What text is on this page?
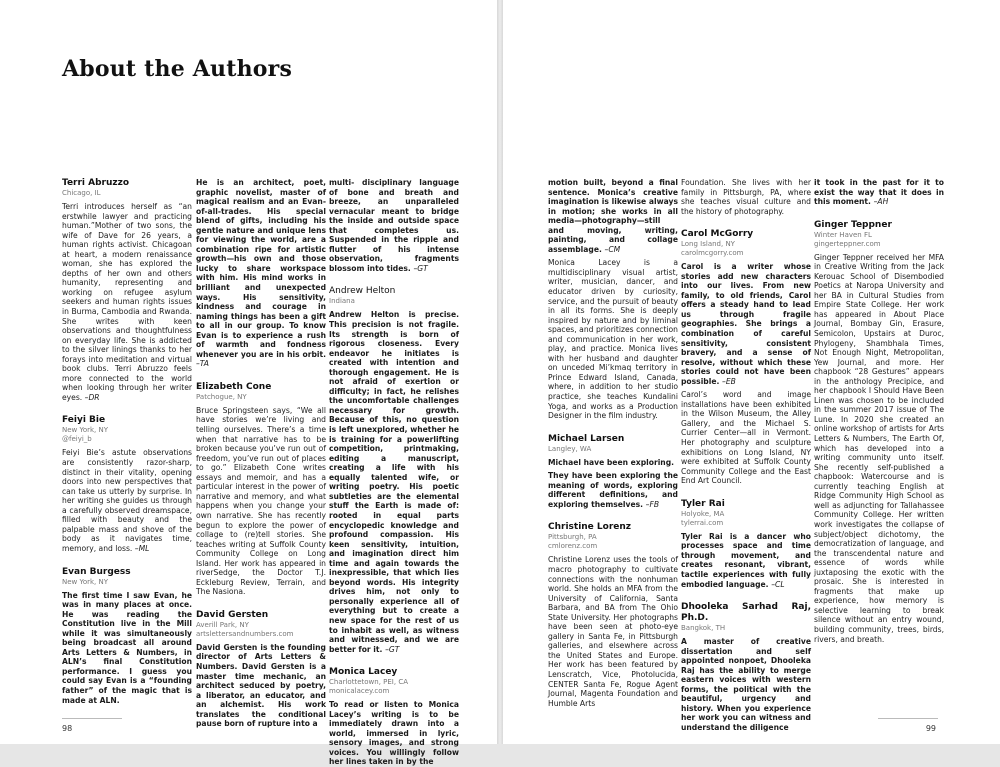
About the Authors
Terri Abruzzo
Chicago, IL

Terri introduces herself as “an erstwhile lawyer and practicing human.”Mother of two sons, the wife of Dave for 26 years, a human rights activist. Chicagoan at heart, a modern renaissance woman, she has explored the depths of her own and others humanity, representing and working on refugee asylum seekers and human rights issues in Burma, Cambodia and Rwanda. She writes with keen observations and thoughtfulness on everyday life. She is addicted to the silver linings thanks to her forays into meditation and virtual book clubs. Terri Abruzzo feels more connected to the world when looking through her writer eyes. –DR

Feiyi Bie
New York, NY
@feiyi_b

Feiyi Bie’s astute observations are consistently razor-sharp, distinct in their vitality, opening doors into new perspectives that can take us utterly by surprise. In her writing she guides us through a carefully observed dreamspace, filled with beauty and the palpable mass and shove of the body as it navigates time, memory, and loss. –ML

Evan Burgess
New York, NY

The first time I saw Evan, he was in many places at once. He was reading the Constitution live in the Mill while it was simultaneously being broadcast all around Arts Letters & Numbers, in ALN’s final Constitution performance. I guess you could say Evan is a “founding father” of the magic that is made at ALN.

He is an architect, poet, graphic novelist, master of magical realism and an Evan-of-all-trades. His special blend of gifts, including his gentle nature and unique lens for viewing the world, are a combination ripe for artistic growth—his own and those lucky to share workspace with him. His mind works in brilliant and unexpected ways. His sensitivity, kindness and courage in naming things has been a gift to all in our group. To know Evan is to experience a rush of warmth and fondness whenever you are in his orbit. –TA

Elizabeth Cone
Patchogue, NY

Bruce Springsteen says, “We all have stories we’re living and telling ourselves. There’s a time when that narrative has to be broken because you’ve run out of freedom, you’ve run out of places to go.” Elizabeth Cone writes essays and memoir, and has a particular interest in the power of narrative and memory, and what happens when you change your own narrative. She has recently begun to explore the power of collage to (re)tell stories. She teaches writing at Suffolk County Community College on Long Island. Her work has appeared in riverSedge, the Doctor T.J. Eckleburg Review, Terrain, and The Nasiona.

David Gersten
Averill Park, NY
artslettersandnumbers.com

David Gersten is the founding director of Arts Letters & Numbers. David Gersten is a master time mechanic, an architect seduced by poetry, a liberator, an educator, and an alchemist. His work translates the conditional pause born of rupture into a

multi- disciplinary language of bone and breath and breeze, an unparalleled vernacular meant to bridge the inside and outside space that completes us. Suspended in the ripple and flutter of his intense observation, fragments blossom into tides. –GT

Andrew Helton
Indiana

Andrew Helton is precise. This precision is not fragile. Its strength is born of rigorous closeness. Every endeavor he initiates is created with intention and thorough engagement. He is not afraid of exertion or difficulty; in fact, he relishes the uncomfortable challenges necessary for growth. Because of this, no question is left unexplored, whether he is training for a powerlifting competition, printmaking, editing a manuscript, creating a life with his equally talented wife, or writing poetry. His poetic subtleties are the elemental stuff the Earth is made of: rooted in equal parts encyclopedic knowledge and profound compassion. His keen sensitivity, intuition, and imagination direct him time and again towards the inexpressible, that which lies beyond words. His integrity drives him, not only to personally experience all of everything but to create a new space for the rest of us to inhabit as well, as witness and witnessed, and we are better for it. –GT

Monica Lacey
Charlottetown, PEI, CA
monicalacey.com

To read or listen to Monica Lacey’s writing is to be immediately drawn into a world, immersed in lyric, sensory images, and strong voices. You willingly follow her lines taken in by the

98

motion built, beyond a final sentence. Monica’s creative imagination is likewise always in motion; she works in all media—photography—still and moving, writing, painting, and collage assemblage. –CM

Monica Lacey is a multidisciplinary visual artist, writer, musician, dancer, and educator driven by curiosity, service, and the pursuit of beauty in all its forms. She is deeply inspired by nature and by liminal spaces, and prioritizes connection and communication in her work, play, and practice. Monica lives with her husband and daughter on unceded Mi’kmaq territory in Prince Edward Island, Canada, where, in addition to her studio practice, she teaches Kundalini Yoga, and works as a Production Designer in the film industry.

Michael Larsen
Langley, WA

Michael have been exploring.

They have been exploring the meaning of words, exploring different definitions, and exploring themselves. –FB

Christine Lorenz
Pittsburgh, PA
cmlorenz.com

Christine Lorenz uses the tools of macro photography to cultivate connections with the nonhuman world. She holds an MFA from the University of California, Santa Barbara, and BA from The Ohio State University. Her photographs have been seen at photo-eye gallery in Santa Fe, in Pittsburgh galleries, and elsewhere across the United States and Europe. Her work has been featured by Lenscratch, Vice, Photolucida, CENTER Santa Fe, Rogue Agent Journal, Magenta Foundation and Humble Arts

Foundation. She lives with her family in Pittsburgh, PA, where she teaches visual culture and the history of photography.

Carol McGorry
Long Island, NY
carolmcgorry.com

Carol is a writer whose stories add new characters into our lives. From new family, to old friends, Carol offers a steady hand to lead us through fragile geographies. She brings a combination of careful sensitivity, consistent bravery, and a sense of resolve, without which these stories could not have been possible. –EB

Carol’s word and image installations have been exhibited in the Wilson Museum, the Alley Gallery, and the Michael S. Currier Center—all in Vermont. Her photography and sculpture exhibitions on Long Island, NY were exhibited at Suffolk County Community College and the East End Art Council.

Tyler Rai
Holyoke, MA
tylerrai.com

Tyler Rai is a dancer who processes space and time through movement, and creates resonant, vibrant, tactile experiences with fully embodied language. –CL

Dhooleka Sarhad Raj, Ph.D.
Bangkok, TH

A master of creative dissertation and self appointed nonpoet, Dhooleka Raj has the ability to merge eastern voices with western forms, the political with the beautiful, urgency and history. When you experience her work you can witness and understand the diligence

it took in the past for it to exist the way that it does in this moment. –AH

Ginger Teppner
Winter Haven FL
gingerteppner.com

Ginger Teppner received her MFA in Creative Writing from the Jack Kerouac School of Disembodied Poetics at Naropa University and her BA in Cultural Studies from Empire State College. Her work has appeared in About Place Journal, Bombay Gin, Erasure, Semicolon, Upstairs at Duroc, Phylogeny, Shambhala Times, Not Enough Night, Metropolitan, Yew Journal, and more. Her chapbook “28 Gestures” appears in the anthology Precipice, and her chapbook I Should Have Been Linen was chosen to be included in the summer 2017 issue of The Lune. In 2020 she created an online workshop of artists for Arts Letters & Numbers, The Earth Of, which has developed into a writing community unto itself. She recently self-published a chapbook: Watercourse and is currently teaching English at Ridge Community High School as well as adjuncting for Tallahassee Community College. Her written work investigates the collapse of subject/object dichotomy, the democratization of language, and the transcendental nature and essence of words while juxtaposing the exotic with the prosaic. She is interested in fragments that make up experience, how memory is selective learning to break silence without an entry wound, building community, trees, birds, rivers, and breath.

99
